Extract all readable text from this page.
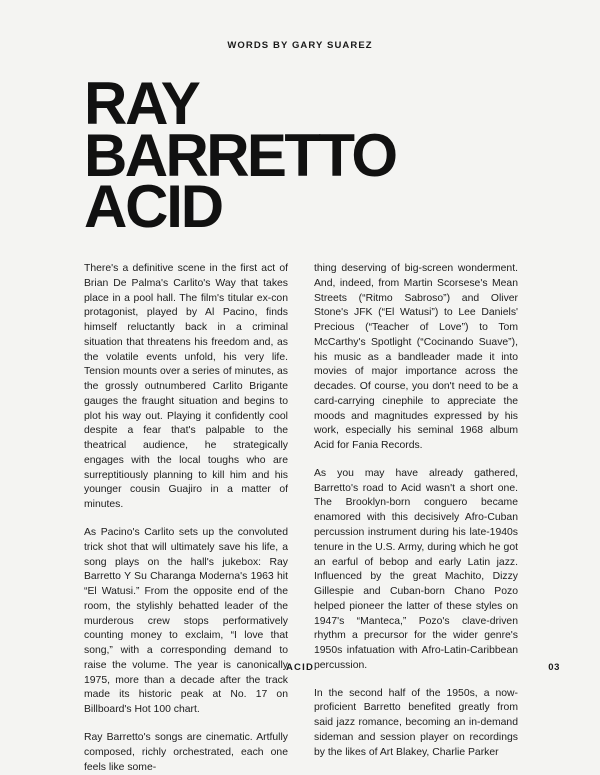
WORDS BY GARY SUAREZ
RAY
BARRETTO
ACID

There's a definitive scene in the first act of Brian De Palma's Carlito's Way that takes place in a pool hall. The film's titular ex-con protagonist, played by Al Pacino, finds himself reluctantly back in a criminal situation that threatens his freedom and, as the volatile events unfold, his very life. Tension mounts over a series of minutes, as the grossly outnumbered Carlito Brigante gauges the fraught situation and begins to plot his way out. Playing it confidently cool despite a fear that's palpable to the theatrical audience, he strategically engages with the local toughs who are surreptitiously planning to kill him and his younger cousin Guajiro in a matter of minutes.

As Pacino's Carlito sets up the convoluted trick shot that will ultimately save his life, a song plays on the hall's jukebox: Ray Barretto Y Su Charanga Moderna's 1963 hit “El Watusi.” From the opposite end of the room, the stylishly behatted leader of the murderous crew stops performatively counting money to exclaim, “I love that song,” with a corresponding demand to raise the volume. The year is canonically 1975, more than a decade after the track made its historic peak at No. 17 on Billboard's Hot 100 chart.

Ray Barretto's songs are cinematic. Artfully composed, richly orchestrated, each one feels like some-

thing deserving of big-screen wonderment. And, indeed, from Martin Scorsese's Mean Streets (“Ritmo Sabroso”) and Oliver Stone's JFK (“El Watusi”) to Lee Daniels' Precious (“Teacher of Love”) to Tom McCarthy's Spotlight (“Cocinando Suave”), his music as a bandleader made it into movies of major importance across the decades. Of course, you don't need to be a card-carrying cinephile to appreciate the moods and magnitudes expressed by his work, especially his seminal 1968 album Acid for Fania Records.

As you may have already gathered, Barretto's road to Acid wasn't a short one. The Brooklyn-born conguero became enamored with this decisively Afro-Cuban percussion instrument during his late-1940s tenure in the U.S. Army, during which he got an earful of bebop and early Latin jazz. Influenced by the great Machito, Dizzy Gillespie and Cuban-born Chano Pozo helped pioneer the latter of these styles on 1947's “Manteca,” Pozo's clave-driven rhythm a precursor for the wider genre's 1950s infatuation with Afro-Latin-Caribbean percussion.

In the second half of the 1950s, a now-proficient Barretto benefited greatly from said jazz romance, becoming an in-demand sideman and session player on recordings by the likes of Art Blakey, Charlie Parker

ACID	03
